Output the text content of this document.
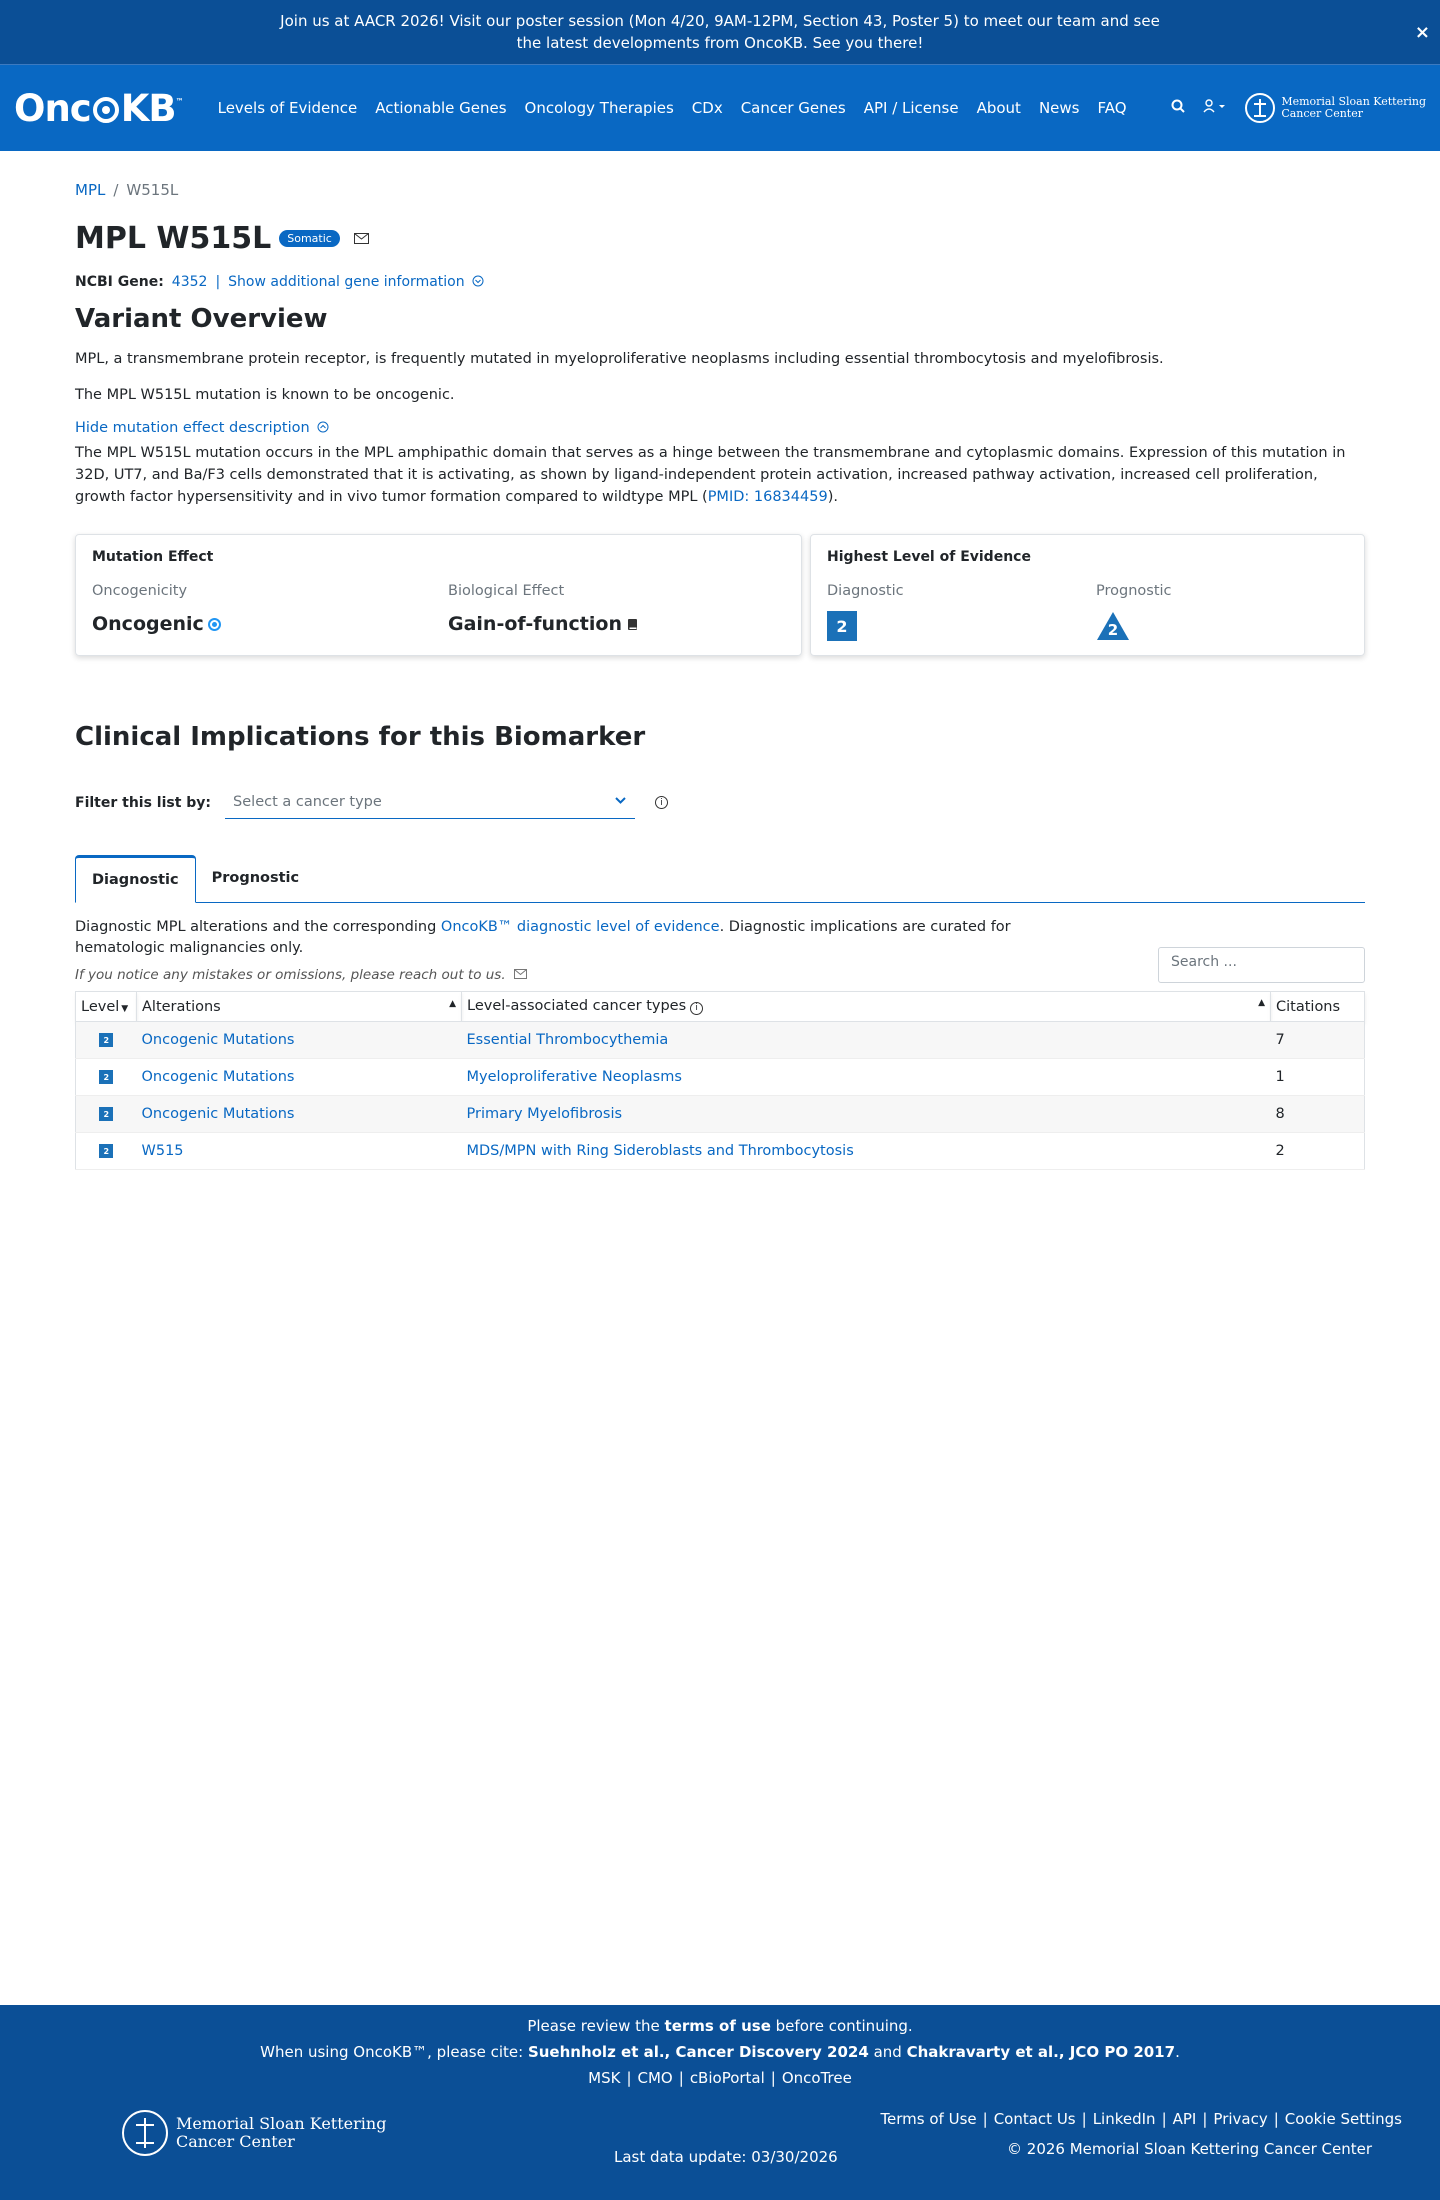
Join us at AACR 2026! Visit our poster session (Mon 4/20, 9AM-12PM, Section 43, Poster 5) to meet our team and see the latest developments from OncoKB. See you there!	×
Onc KB ™	Levels of Evidence	Actionable Genes	Oncology Therapies	CDx	Cancer Genes	API / License	About	News	FAQ	Memorial Sloan Kettering
Cancer Center
MPL / W515L
MPL W515L	Somatic
NCBI Gene: 4352 | Show additional gene information
Variant Overview

MPL, a transmembrane protein receptor, is frequently mutated in myeloproliferative neoplasms including essential thrombocytosis and myelofibrosis.

The MPL W515L mutation is known to be oncogenic.

Hide mutation effect description

The MPL W515L mutation occurs in the MPL amphipathic domain that serves as a hinge between the transmembrane and cytoplasmic domains. Expression of this mutation in 32D, UT7, and Ba/F3 cells demonstrated that it is activating, as shown by ligand-independent protein activation, increased pathway activation, increased cell proliferation, growth factor hypersensitivity and in vivo tumor formation compared to wildtype MPL (PMID: 16834459).

Mutation Effect
Oncogenicity
Oncogenic
Biological Effect
Gain-of-function
Highest Level of Evidence
Diagnostic
2
Prognostic
2
Clinical Implications for this Biomarker
Filter this list by: Select a cancer type	i
Diagnostic	Prognostic

Diagnostic MPL alterations and the corresponding OncoKB™ diagnostic level of evidence. Diagnostic implications are curated for hematologic malignancies only.

If you notice any mistakes or omissions, please reach out to us.
Search ...
Level ▼	Alterations ▲	Level-associated cancer types i ▲	Citations

2	Oncogenic Mutations	Essential Thrombocythemia	7

2	Oncogenic Mutations	Myeloproliferative Neoplasms	1

2	Oncogenic Mutations	Primary Myelofibrosis	8

2	W515	MDS/MPN with Ring Sideroblasts and Thrombocytosis	2
Please review the terms of use before continuing.
When using OncoKB™, please cite: Suehnholz et al., Cancer Discovery 2024 and Chakravarty et al., JCO PO 2017.
MSK | CMO | cBioPortal | OncoTree
Memorial Sloan Kettering
Cancer Center
Last data update: 03/30/2026
Terms of Use | Contact Us | LinkedIn | API | Privacy | Cookie Settings
© 2026 Memorial Sloan Kettering Cancer Center
